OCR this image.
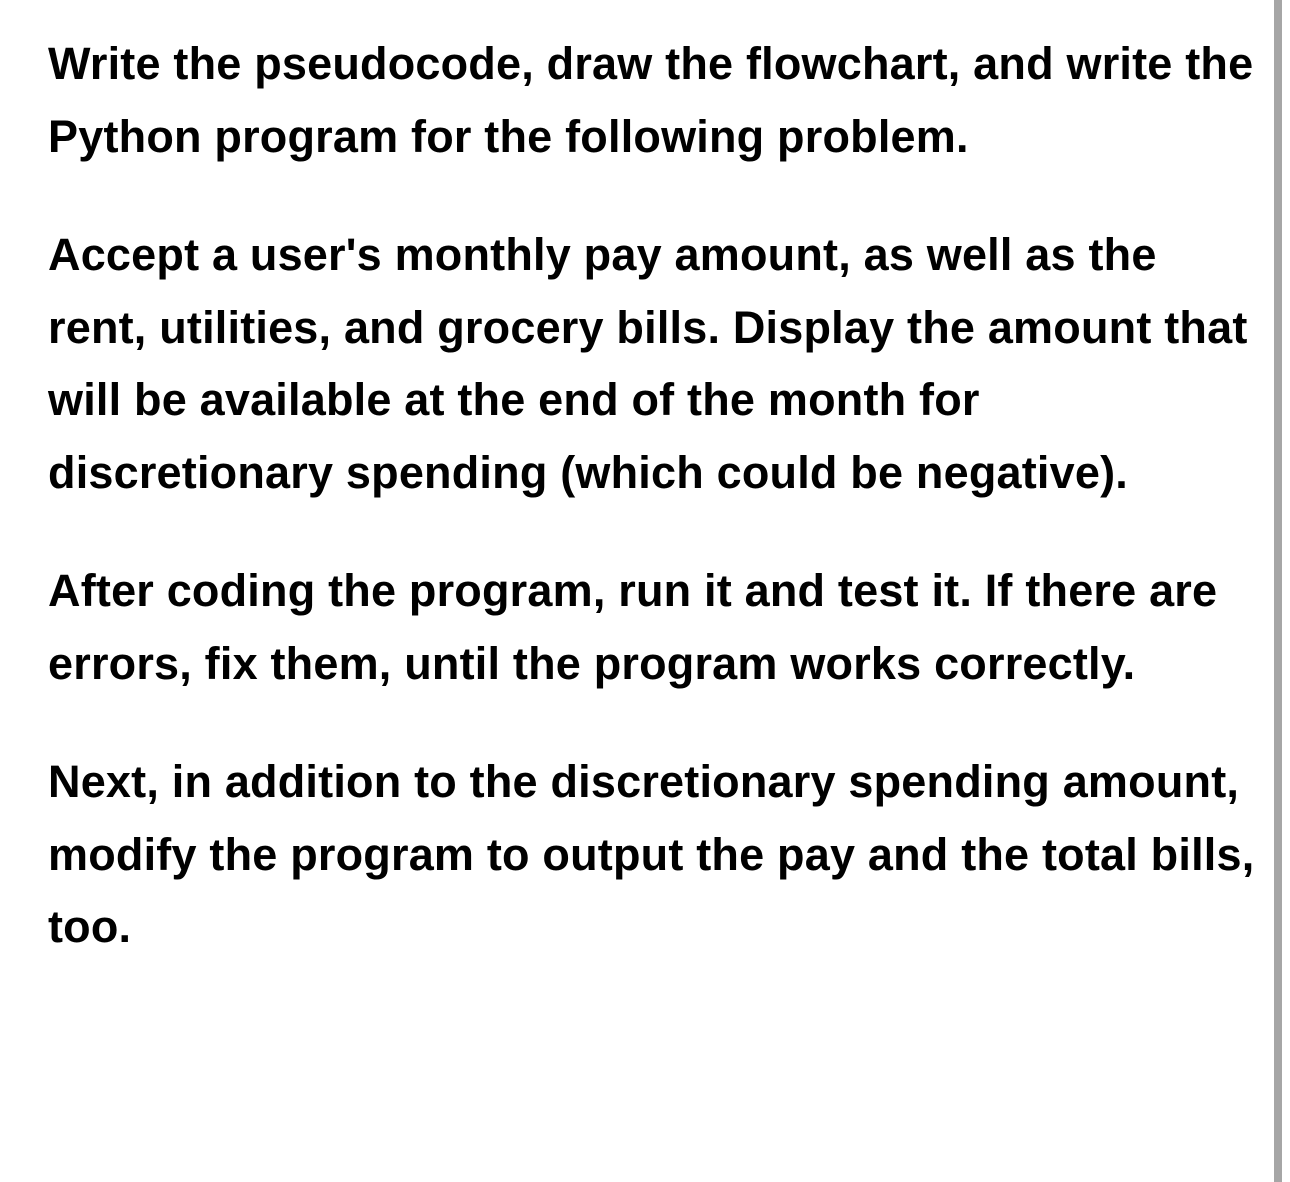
Write the pseudocode, draw the flowchart, and write the Python program for the following problem.

Accept a user's monthly pay amount, as well as the rent, utilities, and grocery bills. Display the amount that will be available at the end of the month for discretionary spending (which could be negative).

After coding the program, run it and test it. If there are errors, fix them, until the program works correctly.

Next, in addition to the discretionary spending amount, modify the program to output the pay and the total bills, too.
